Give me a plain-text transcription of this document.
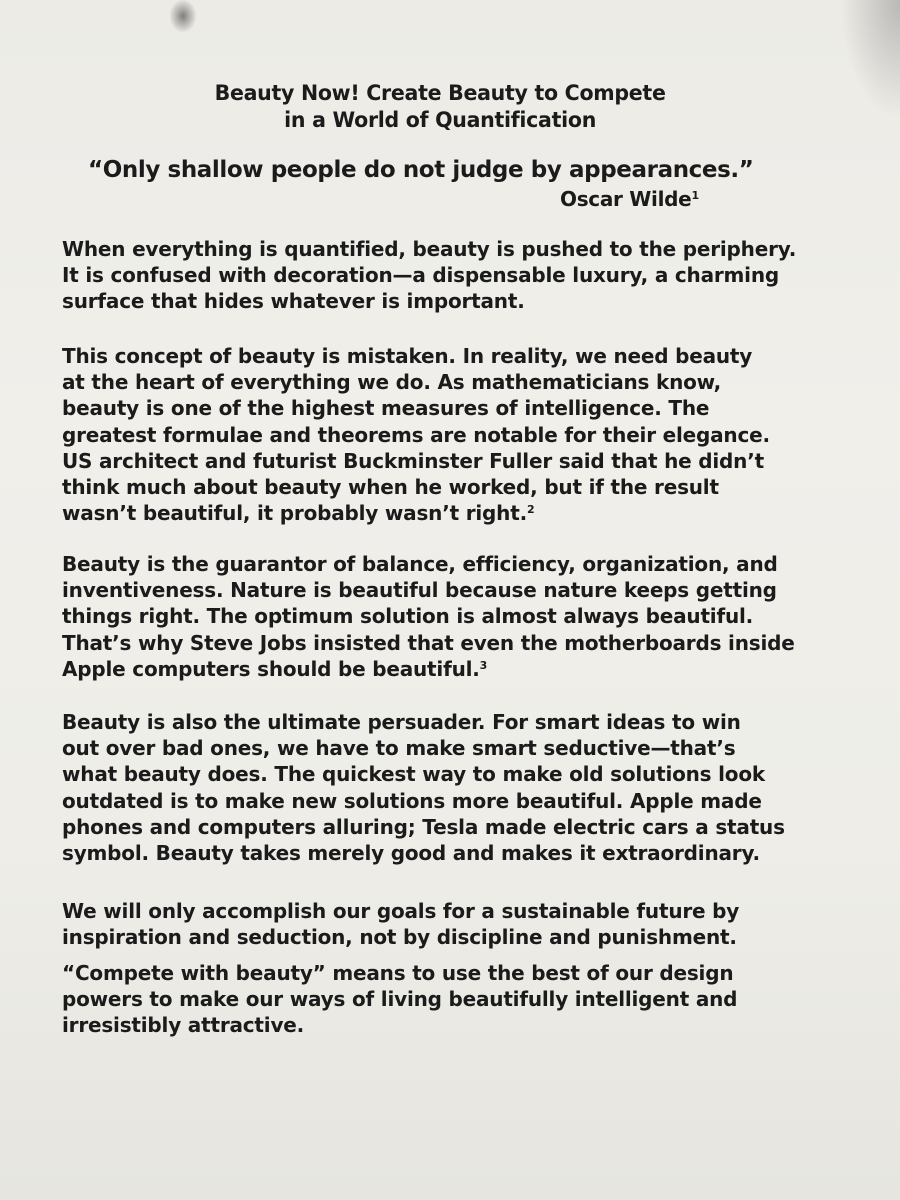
Beauty Now! Create Beauty to Compete
in a World of Quantification
“Only shallow people do not judge by appearances.”
Oscar Wilde$^1$
When everything is quantified, beauty is pushed to the periphery.
It is confused with decoration—a dispensable luxury, a charming
surface that hides whatever is important.
This concept of beauty is mistaken. In reality, we need beauty
at the heart of everything we do. As mathematicians know,
beauty is one of the highest measures of intelligence. The
greatest formulae and theorems are notable for their elegance.
US architect and futurist Buckminster Fuller said that he didn’t
think much about beauty when he worked, but if the result
wasn’t beautiful, it probably wasn’t right.$^2$
Beauty is the guarantor of balance, efficiency, organization, and
inventiveness. Nature is beautiful because nature keeps getting
things right. The optimum solution is almost always beautiful.
That’s why Steve Jobs insisted that even the motherboards inside
Apple computers should be beautiful.$^3$
Beauty is also the ultimate persuader. For smart ideas to win
out over bad ones, we have to make smart seductive—that’s
what beauty does. The quickest way to make old solutions look
outdated is to make new solutions more beautiful. Apple made
phones and computers alluring; Tesla made electric cars a status
symbol. Beauty takes merely good and makes it extraordinary.
We will only accomplish our goals for a sustainable future by
inspiration and seduction, not by discipline and punishment.
“Compete with beauty” means to use the best of our design
powers to make our ways of living beautifully intelligent and
irresistibly attractive.
